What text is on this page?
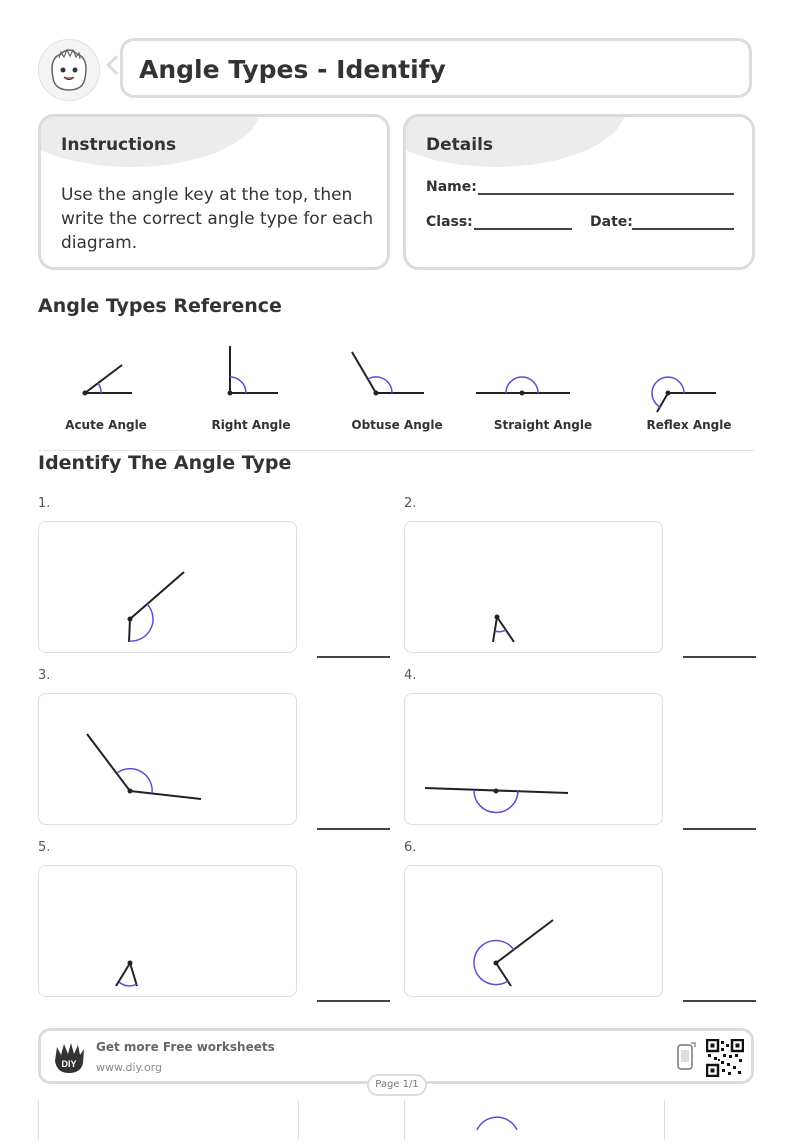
Angle Types - Identify
Instructions
Use the angle key at the top, then write the correct angle type for each diagram.
Details
Name:
Class:	Date:
Angle Types Reference
Acute Angle	Right Angle	Obtuse Angle	Straight Angle	Reflex Angle
Identify The Angle Type
1.	2.
3.	4.
5.	6.
DIY
Get more Free worksheets
www.diy.org
Page 1/1
